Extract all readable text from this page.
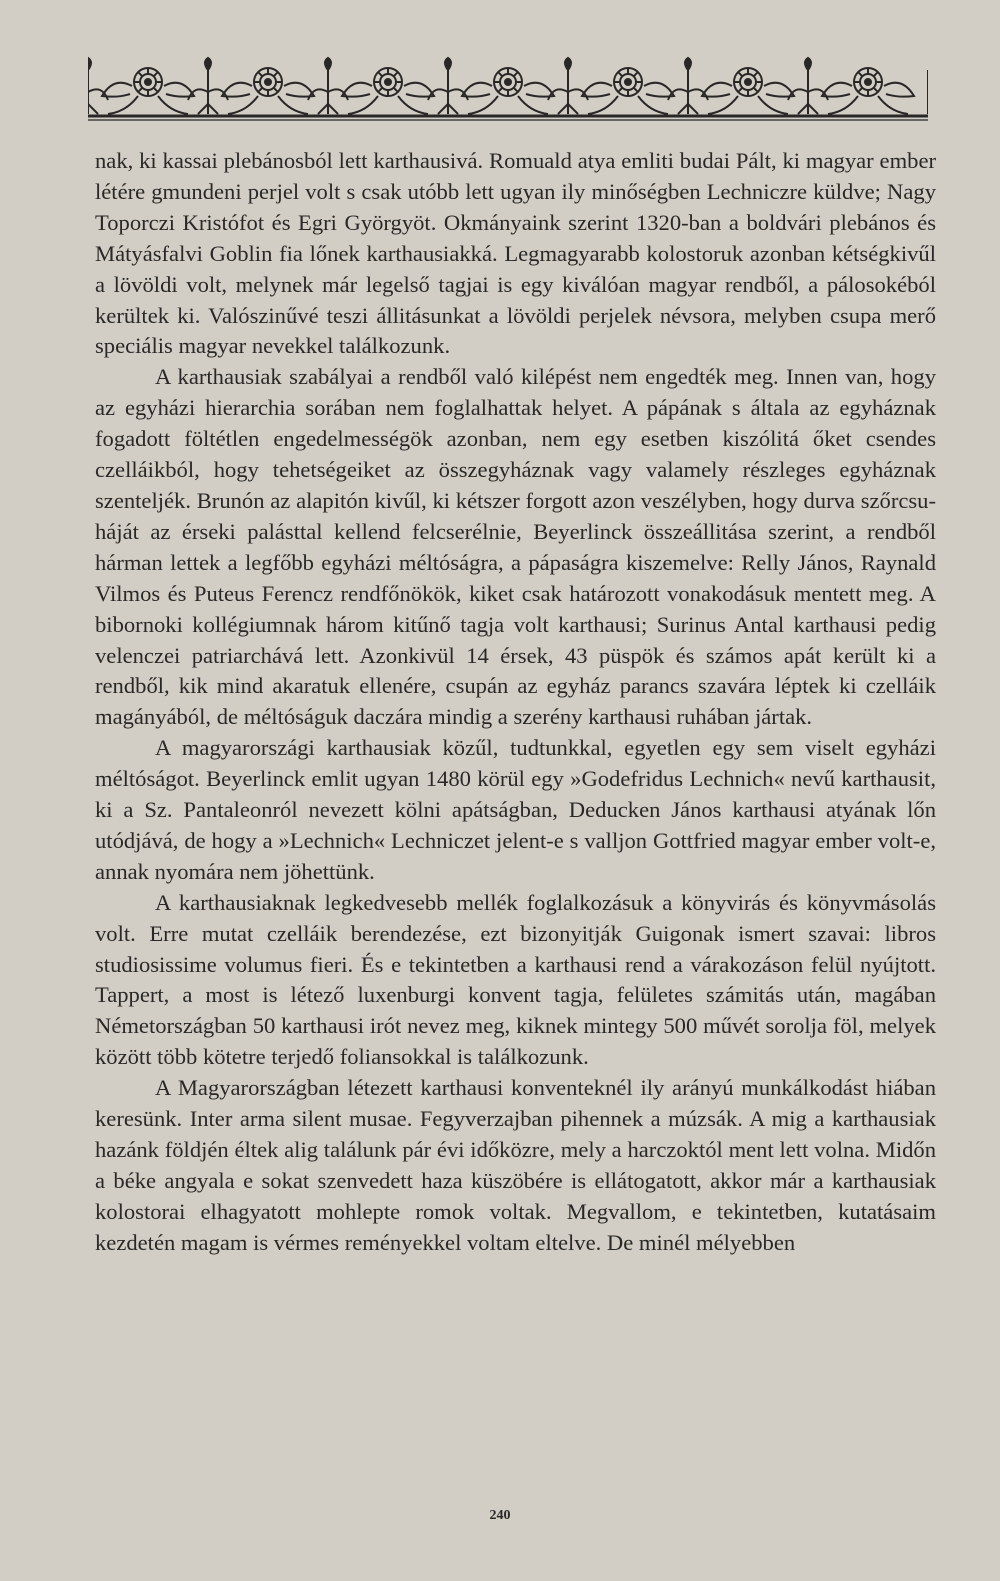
nak, ki kassai plebánosból lett karthausivá. Romuald atya emliti budai Pált, ki magyar ember létére gmundeni perjel volt s csak utóbb lett ugyan ily minőségben Lechniczre küldve; Nagy Toporczi Kristófot és Egri Györgyöt. Okmányaink szerint 1320-ban a boldvári plebános és Mátyásfalvi Goblin fia lőnek karthausiakká. Legmagyarabb kolostoruk azonban kétségkivűl a lövöldi volt, melynek már legelső tagjai is egy kiválóan magyar rendből, a pálosokéból kerültek ki. Valószinűvé teszi állitásunkat a lövöldi perjelek névsora, melyben csupa merő speciális magyar nevekkel találkozunk.

A karthausiak szabályai a rendből való kilépést nem engedték meg. Innen van, hogy az egyházi hierarchia sorában nem foglalhattak helyet. A pápának s általa az egyháznak fogadott föltétlen engedelmességök azonban, nem egy esetben kiszólitá őket csendes czelláikból, hogy tehetségeiket az összegyháznak vagy valamely részleges egyháznak szenteljék. Brunón az alapitón kivűl, ki kétszer forgott azon veszélyben, hogy durva szőrcsuháját az érseki palásttal kellend felcserélnie, Beyerlinck összeállitása szerint, a rendből hárman lettek a legfőbb egyházi méltóságra, a pápaságra kiszemelve: Relly János, Raynald Vilmos és Puteus Ferencz rendfőnökök, kiket csak határozott vonakodásuk mentett meg. A bibornoki kollégiumnak három kitűnő tagja volt karthausi; Surinus Antal karthausi pedig velenczei patriarchává lett. Azonkivül 14 érsek, 43 püspök és számos apát került ki a rendből, kik mind akaratuk ellenére, csupán az egyház parancs szavára léptek ki czelláik magányából, de méltóságuk daczára mindig a szerény karthausi ruhában jártak.

A magyarországi karthausiak közűl, tudtunkkal, egyetlen egy sem viselt egyházi méltóságot. Beyerlinck emlit ugyan 1480 körül egy »Godefridus Lechnich« nevű karthausit, ki a Sz. Pantaleonról nevezett kölni apátságban, Deducken János karthausi atyának lőn utódjává, de hogy a »Lechnich« Lechniczet jelent-e s valljon Gottfried magyar ember volt-e, annak nyomára nem jöhettünk.

A karthausiaknak legkedvesebb mellék foglalkozásuk a könyvirás és könyvmásolás volt. Erre mutat czelláik berendezése, ezt bizonyitják Guigonak ismert szavai: libros studiosissime volumus fieri. És e tekintetben a karthausi rend a várakozáson felül nyújtott. Tappert, a most is létező luxenburgi konvent tagja, felületes számitás után, magában Németországban 50 karthausi irót nevez meg, kiknek mintegy 500 művét sorolja föl, melyek között több kötetre terjedő foliansokkal is találkozunk.

A Magyarországban létezett karthausi konventeknél ily arányú munkálkodást hiában keresünk. Inter arma silent musae. Fegyverzajban pihennek a múzsák. A mig a karthausiak hazánk földjén éltek alig találunk pár évi időközre, mely a harczoktól ment lett volna. Midőn a béke angyala e sokat szenvedett haza küszöbére is ellátogatott, akkor már a karthausiak kolostorai elhagyatott mohlepte romok voltak. Megvallom, e tekintetben, kutatásaim kezdetén magam is vérmes reményekkel voltam eltelve. De minél mélyebben

240
